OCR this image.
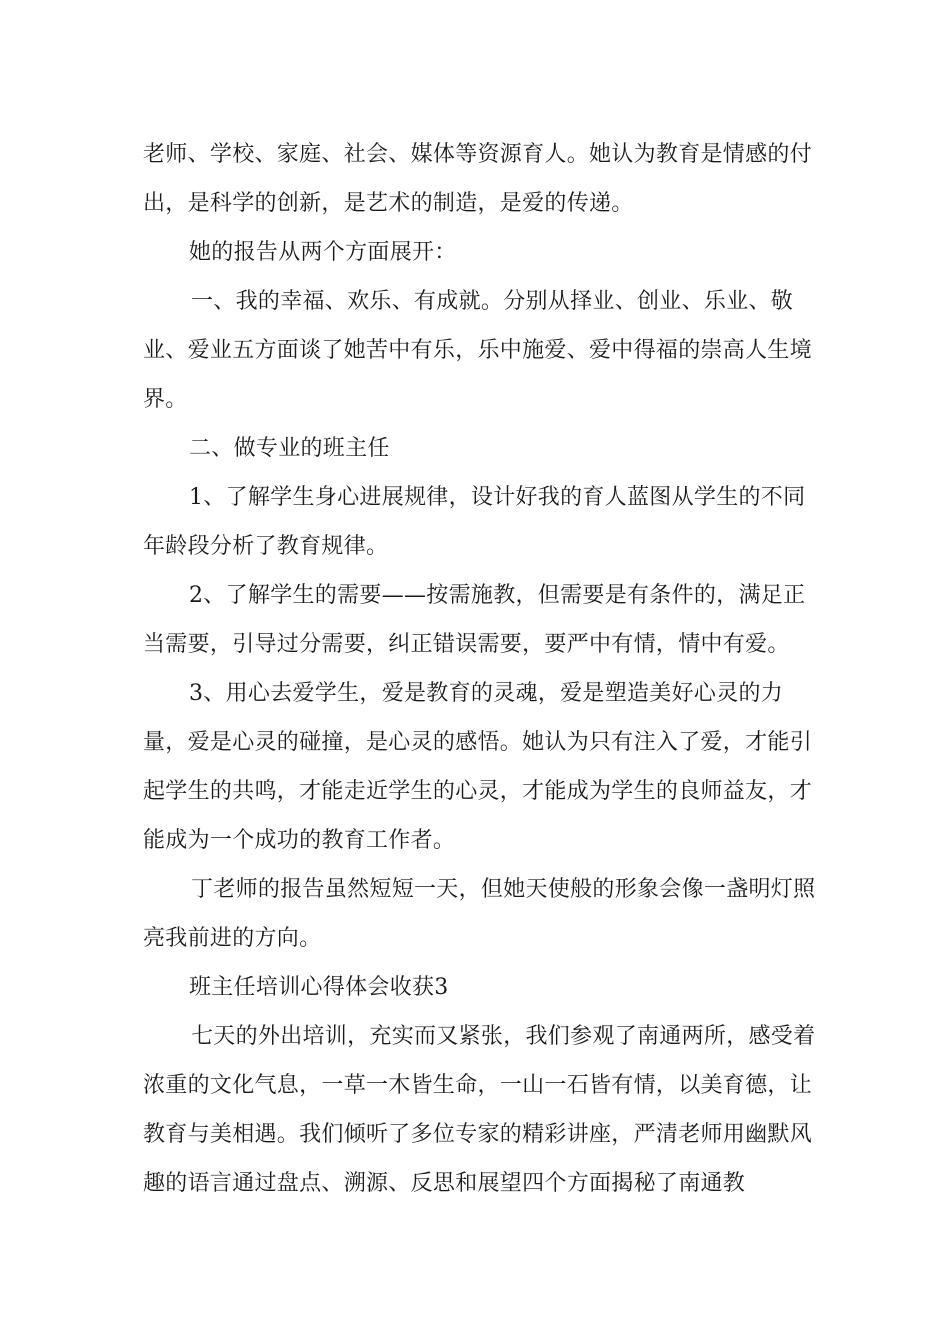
老师、学校、家庭、社会、媒体等资源育人。她认为教育是情感的付出，是科学的创新，是艺术的制造，是爱的传递。

她的报告从两个方面展开：

一、我的幸福、欢乐、有成就。分别从择业、创业、乐业、敬业、爱业五方面谈了她苦中有乐，乐中施爱、爱中得福的崇高人生境界。

二、做专业的班主任

1、了解学生身心进展规律，设计好我的育人蓝图从学生的不同年龄段分析了教育规律。

2、了解学生的需要——按需施教，但需要是有条件的，满足正当需要，引导过分需要，纠正错误需要，要严中有情，情中有爱。

3、用心去爱学生，爱是教育的灵魂，爱是塑造美好心灵的力量，爱是心灵的碰撞，是心灵的感悟。她认为只有注入了爱，才能引起学生的共鸣，才能走近学生的心灵，才能成为学生的良师益友，才能成为一个成功的教育工作者。

丁老师的报告虽然短短一天，但她天使般的形象会像一盏明灯照亮我前进的方向。

班主任培训心得体会收获3

七天的外出培训，充实而又紧张，我们参观了南通两所，感受着浓重的文化气息，一草一木皆生命，一山一石皆有情，以美育德，让教育与美相遇。我们倾听了多位专家的精彩讲座，严清老师用幽默风趣的语言通过盘点、溯源、反思和展望四个方面揭秘了南通教
